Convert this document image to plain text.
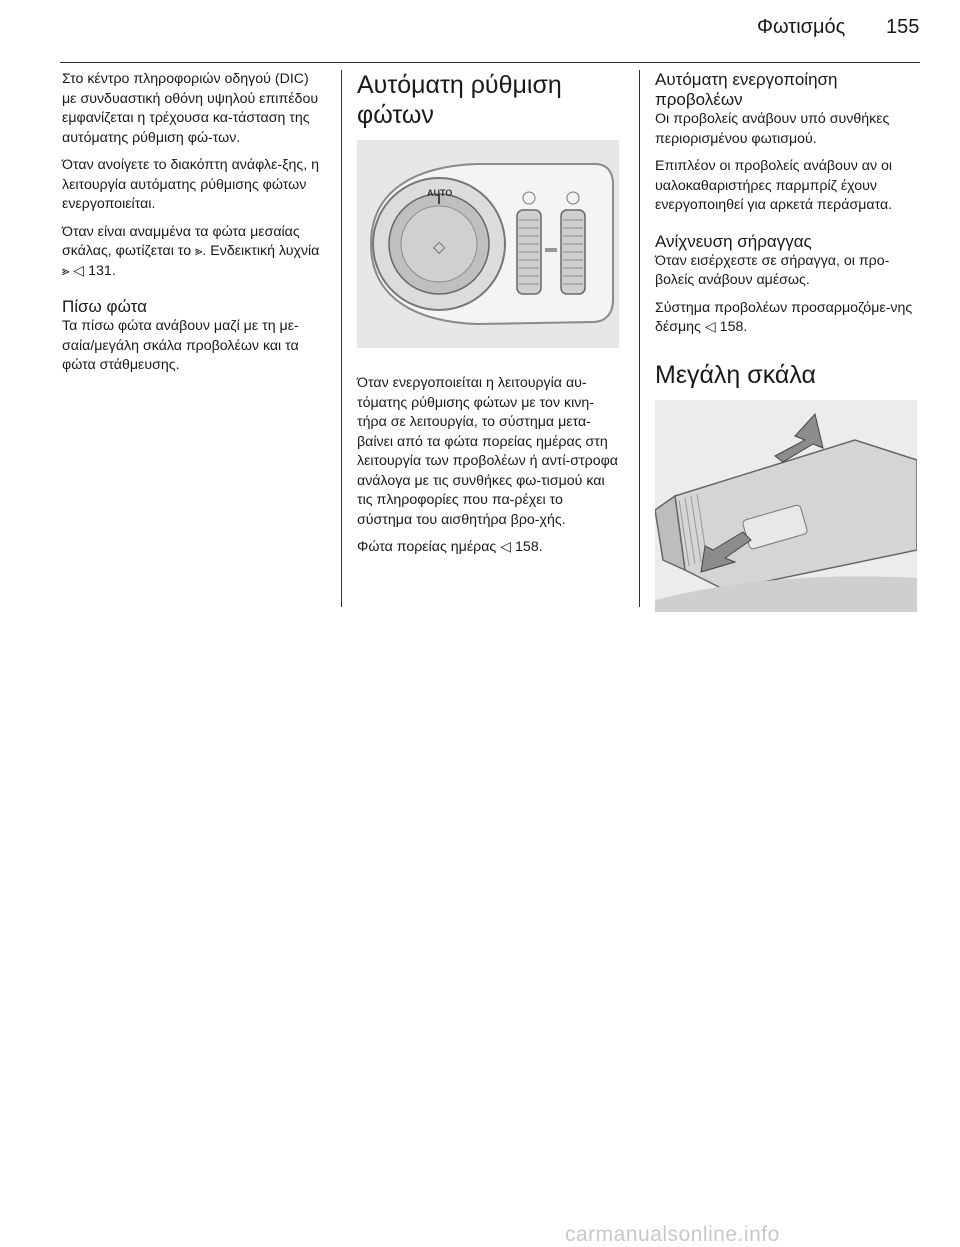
Φωτισμός 155

Στο κέντρο πληροφοριών οδηγού (DIC) με συνδυαστική οθόνη υψηλού επιπέδου εμφανίζεται η τρέχουσα κα-τάσταση της αυτόματης ρύθμιση φώ-των.

Όταν ανοίγετε το διακόπτη ανάφλε-ξης, η λειτουργία αυτόματης ρύθμισης φώτων ενεργοποιείται.

Όταν είναι αναμμένα τα φώτα μεσαίας σκάλας, φωτίζεται το ⪢. Ενδεικτική λυχνία ⪢ ◁ 131.

Πίσω φώτα

Τα πίσω φώτα ανάβουν μαζί με τη με-σαία/μεγάλη σκάλα προβολέων και τα φώτα στάθμευσης.

Αυτόματη ρύθμιση φώτων
AUTO
◇

Όταν ενεργοποιείται η λειτουργία αυ-τόματης ρύθμισης φώτων με τον κινη-τήρα σε λειτουργία, το σύστημα μετα-βαίνει από τα φώτα πορείας ημέρας στη λειτουργία των προβολέων ή αντί-στροφα ανάλογα με τις συνθήκες φω-τισμού και τις πληροφορίες που πα-ρέχει το σύστημα του αισθητήρα βρο-χής.

Φώτα πορείας ημέρας ◁ 158.

Αυτόματη ενεργοποίηση προβολέων

Οι προβολείς ανάβουν υπό συνθήκες περιορισμένου φωτισμού.

Επιπλέον οι προβολείς ανάβουν αν οι υαλοκαθαριστήρες παρμπρίζ έχουν ενεργοποιηθεί για αρκετά περάσματα.

Ανίχνευση σήραγγας

Όταν εισέρχεστε σε σήραγγα, οι προ-βολείς ανάβουν αμέσως.

Σύστημα προβολέων προσαρμοζόμε-νης δέσμης ◁ 158.

Μεγάλη σκάλα
carmanualsonline.info
